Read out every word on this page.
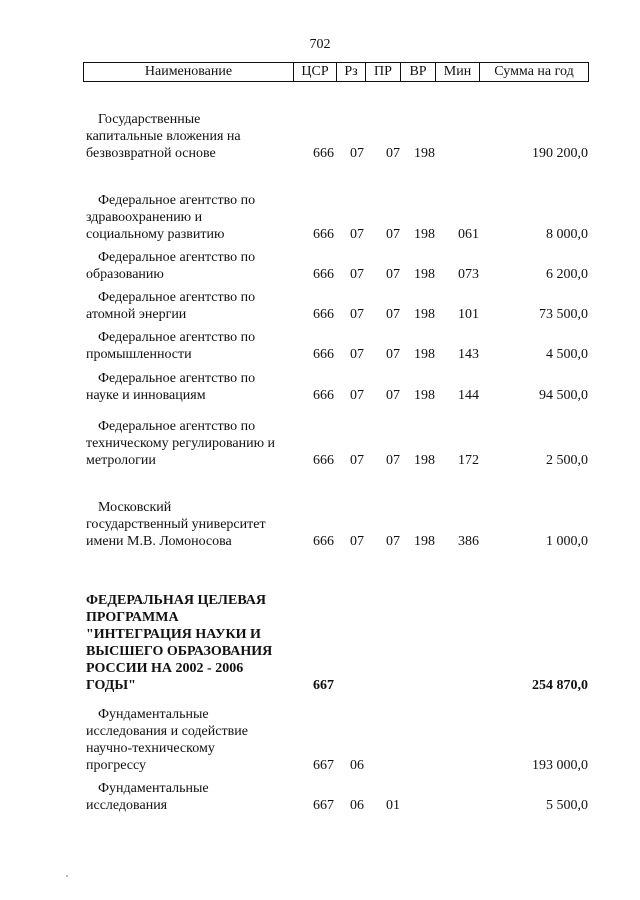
702
Наименование	ЦСР	Рз	ПР	ВР	Мин	Сумма на год
Государственные
капитальные вложения на
безвозвратной основе	666 07 07 198	190 200,0
Федеральное агентство по
здравоохранению и
социальному развитию	666 07 07 198 061	8 000,0
Федеральное агентство по
образованию	666 07 07 198 073	6 200,0
Федеральное агентство по
атомной энергии	666 07 07 198 101	73 500,0
Федеральное агентство по
промышленности	666 07 07 198 143	4 500,0
Федеральное агентство по
науке и инновациям	666 07 07 198 144	94 500,0
Федеральное агентство по
техническому регулированию и
метрологии	666 07 07 198 172	2 500,0
Московский
государственный университет
имени М.В. Ломоносова	666 07 07 198 386	1 000,0
ФЕДЕРАЛЬНАЯ ЦЕЛЕВАЯ
ПРОГРАММА
"ИНТЕГРАЦИЯ НАУКИ И
ВЫСШЕГО ОБРАЗОВАНИЯ
РОССИИ НА 2002 - 2006
ГОДЫ"	667	254 870,0
Фундаментальные
исследования и содействие
научно-техническому
прогрессу	667 06	193 000,0
Фундаментальные
исследования	667 06 01	5 500,0
